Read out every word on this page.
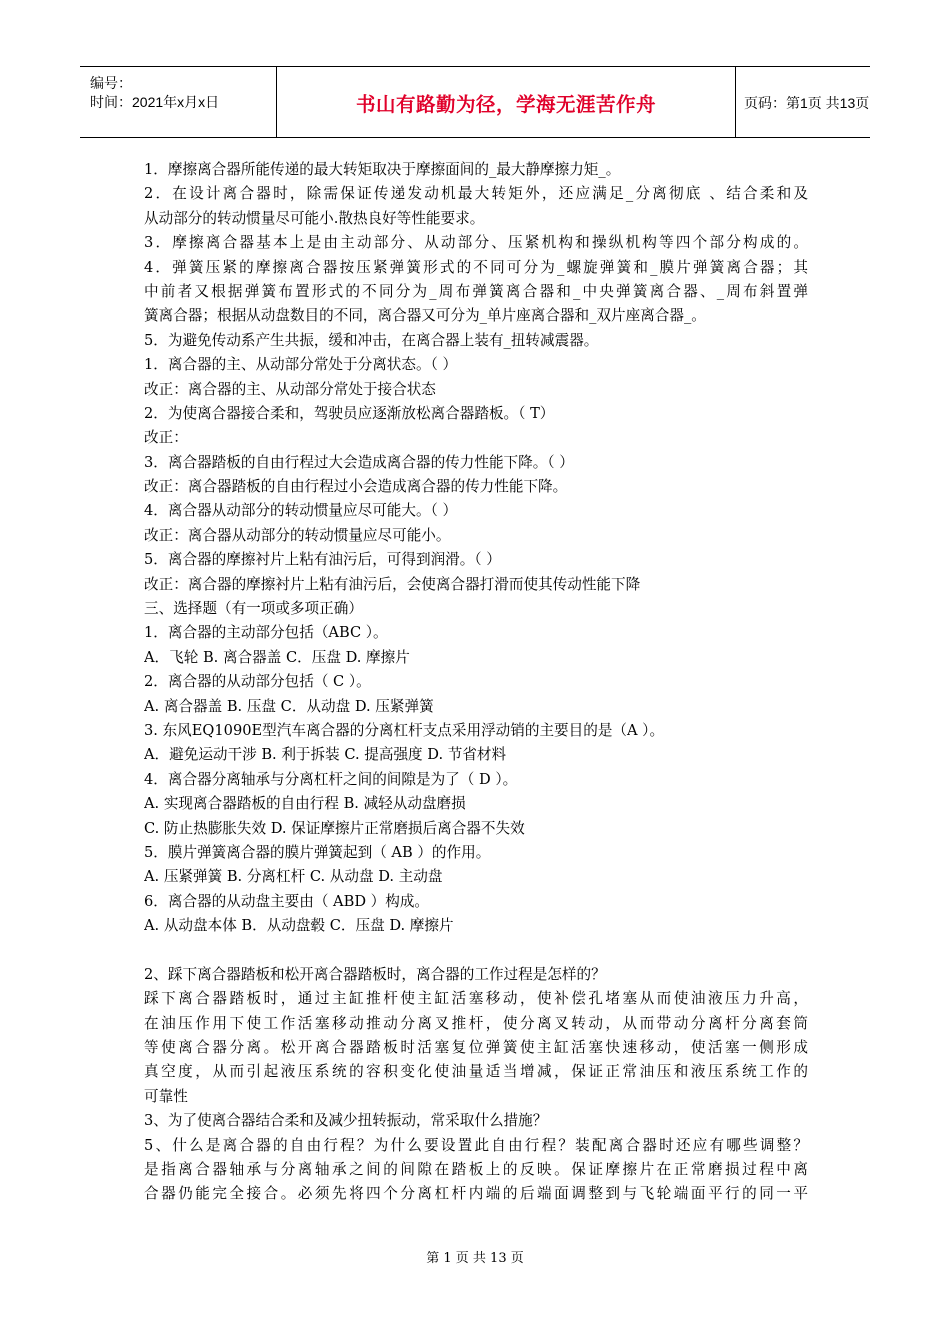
编号：
时间：2021年x月x日	书山有路勤为径，学海无涯苦作舟	页码：第1页 共13页
1．摩擦离合器所能传递的最大转矩取决于摩擦面间的_最大静摩擦力矩_。
2．在设计离合器时，除需保证传递发动机最大转矩外，还应满足_分离彻底 、结合柔和及
从动部分的转动惯量尽可能小.散热良好等性能要求。
3．摩擦离合器基本上是由主动部分、从动部分、压紧机构和操纵机构等四个部分构成的。
4．弹簧压紧的摩擦离合器按压紧弹簧形式的不同可分为_螺旋弹簧和_膜片弹簧离合器；其
中前者又根据弹簧布置形式的不同分为_周布弹簧离合器和_中央弹簧离合器、_周布斜置弹
簧离合器；根据从动盘数目的不同，离合器又可分为_单片座离合器和_双片座离合器_。
5．为避免传动系产生共振，缓和冲击，在离合器上装有_扭转减震器。
1．离合器的主、从动部分常处于分离状态。（ ）
改正：离合器的主、从动部分常处于接合状态
2．为使离合器接合柔和，驾驶员应逐渐放松离合器踏板。（ T）
改正：
3．离合器踏板的自由行程过大会造成离合器的传力性能下降。（ ）
改正：离合器踏板的自由行程过小会造成离合器的传力性能下降。
4．离合器从动部分的转动惯量应尽可能大。（ ）
改正：离合器从动部分的转动惯量应尽可能小。
5．离合器的摩擦衬片上粘有油污后，可得到润滑。（ ）
改正：离合器的摩擦衬片上粘有油污后，会使离合器打滑而使其传动性能下降
三、选择题（有一项或多项正确）
1．离合器的主动部分包括（ABC ）。
A．飞轮 B. 离合器盖 C．压盘 D. 摩擦片
2．离合器的从动部分包括（ C ）。
A. 离合器盖 B. 压盘 C．从动盘 D. 压紧弹簧
3. 东风EQ1090E型汽车离合器的分离杠杆支点采用浮动销的主要目的是（A ）。
A．避免运动干涉 B. 利于拆装 C. 提高强度 D. 节省材料
4．离合器分离轴承与分离杠杆之间的间隙是为了（ D ）。
A. 实现离合器踏板的自由行程 B. 减轻从动盘磨损
C. 防止热膨胀失效 D. 保证摩擦片正常磨损后离合器不失效
5．膜片弹簧离合器的膜片弹簧起到（ AB ）的作用。
A. 压紧弹簧 B. 分离杠杆 C. 从动盘 D. 主动盘
6．离合器的从动盘主要由（ ABD ）构成。
A. 从动盘本体 B．从动盘毂 C．压盘 D. 摩擦片

2、踩下离合器踏板和松开离合器踏板时，离合器的工作过程是怎样的？
踩下离合器踏板时，通过主缸推杆使主缸活塞移动，使补偿孔堵塞从而使油液压力升高，
在油压作用下使工作活塞移动推动分离叉推杆，使分离叉转动，从而带动分离杆分离套筒
等使离合器分离。松开离合器踏板时活塞复位弹簧使主缸活塞快速移动，使活塞一侧形成
真空度，从而引起液压系统的容积变化使油量适当增减，保证正常油压和液压系统工作的
可靠性
3、为了使离合器结合柔和及减少扭转振动，常采取什么措施？
5、什么是离合器的自由行程？为什么要设置此自由行程？装配离合器时还应有哪些调整？
是指离合器轴承与分离轴承之间的间隙在踏板上的反映。保证摩擦片在正常磨损过程中离
合器仍能完全接合。必须先将四个分离杠杆内端的后端面调整到与飞轮端面平行的同一平
第 1 页 共 13 页
